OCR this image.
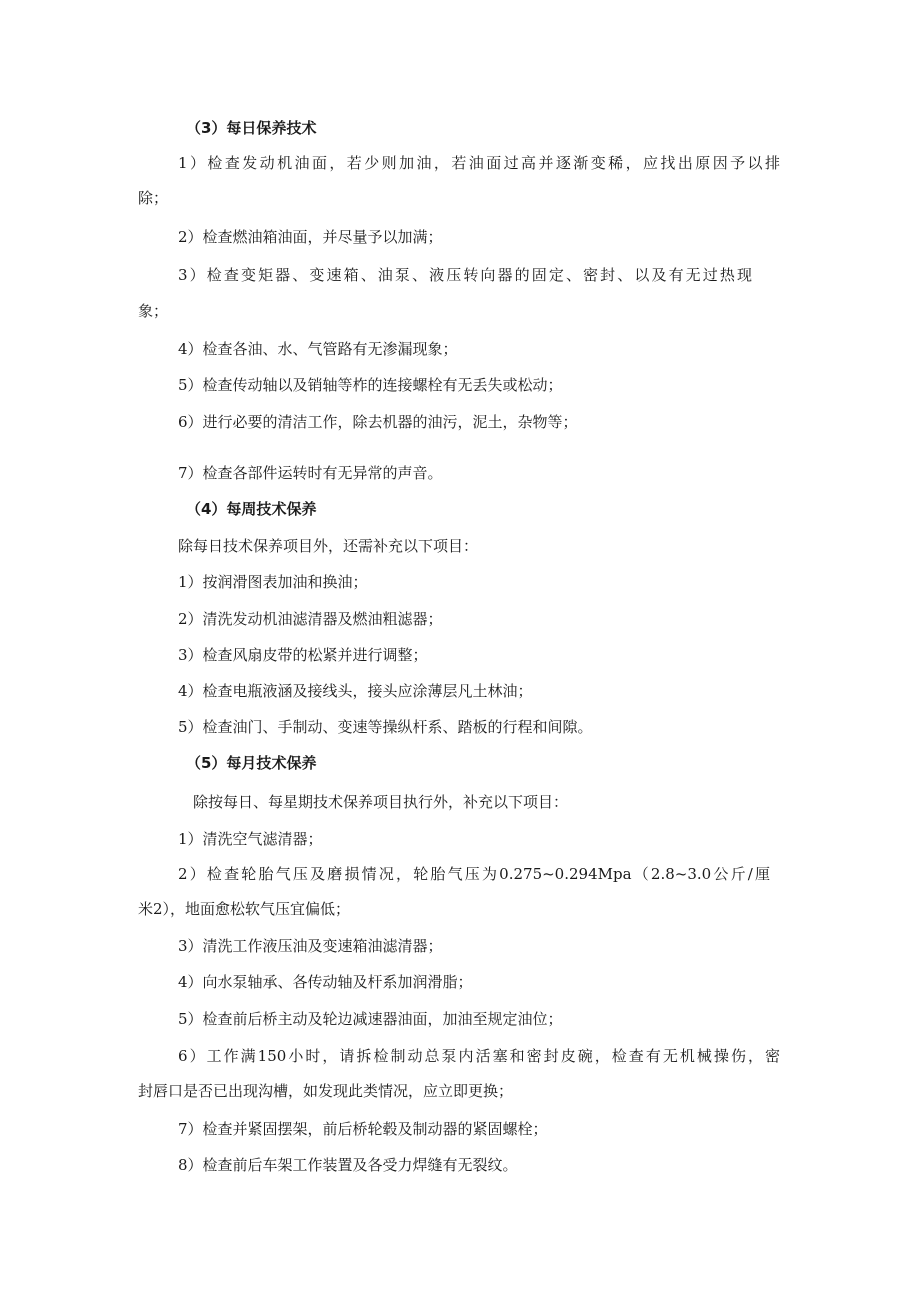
（3）每日保养技术
1）检查发动机油面，若少则加油，若油面过高并逐渐变稀，应找出原因予以排
除；
2）检查燃油箱油面，并尽量予以加满；
3）检查变矩器、变速箱、油泵、液压转向器的固定、密封、以及有无过热现
象；
4）检查各油、水、气管路有无渗漏现象；
5）检查传动轴以及销轴等柞的连接螺栓有无丢失或松动；
6）进行必要的清洁工作，除去机器的油污，泥土，杂物等；
7）检查各部件运转时有无异常的声音。
（4）每周技术保养
除每日技术保养项目外，还需补充以下项目：
1）按润滑图表加油和换油；
2）清洗发动机油滤清器及燃油粗滤器；
3）检查风扇皮带的松紧并进行调整；
4）检查电瓶液涵及接线头，接头应涂薄层凡土林油；
5）检查油门、手制动、变速等操纵杆系、踏板的行程和间隙。
（5）每月技术保养
除按每日、每星期技术保养项目执行外，补充以下项目：
1）清洗空气滤清器；
2）检查轮胎气压及磨损情况，轮胎气压为0.275~0.294Mpa（2.8~3.0公斤/厘
米2），地面愈松软气压宜偏低；
3）清洗工作液压油及变速箱油滤清器；
4）向水泵轴承、各传动轴及杆系加润滑脂；
5）检查前后桥主动及轮边减速器油面，加油至规定油位；
6）工作满150小时，请拆检制动总泵内活塞和密封皮碗，检查有无机械操伤，密
封唇口是否已出现沟槽，如发现此类情况，应立即更换；
7）检查并紧固摆架，前后桥轮毂及制动器的紧固螺栓；
8）检查前后车架工作装置及各受力焊缝有无裂纹。
